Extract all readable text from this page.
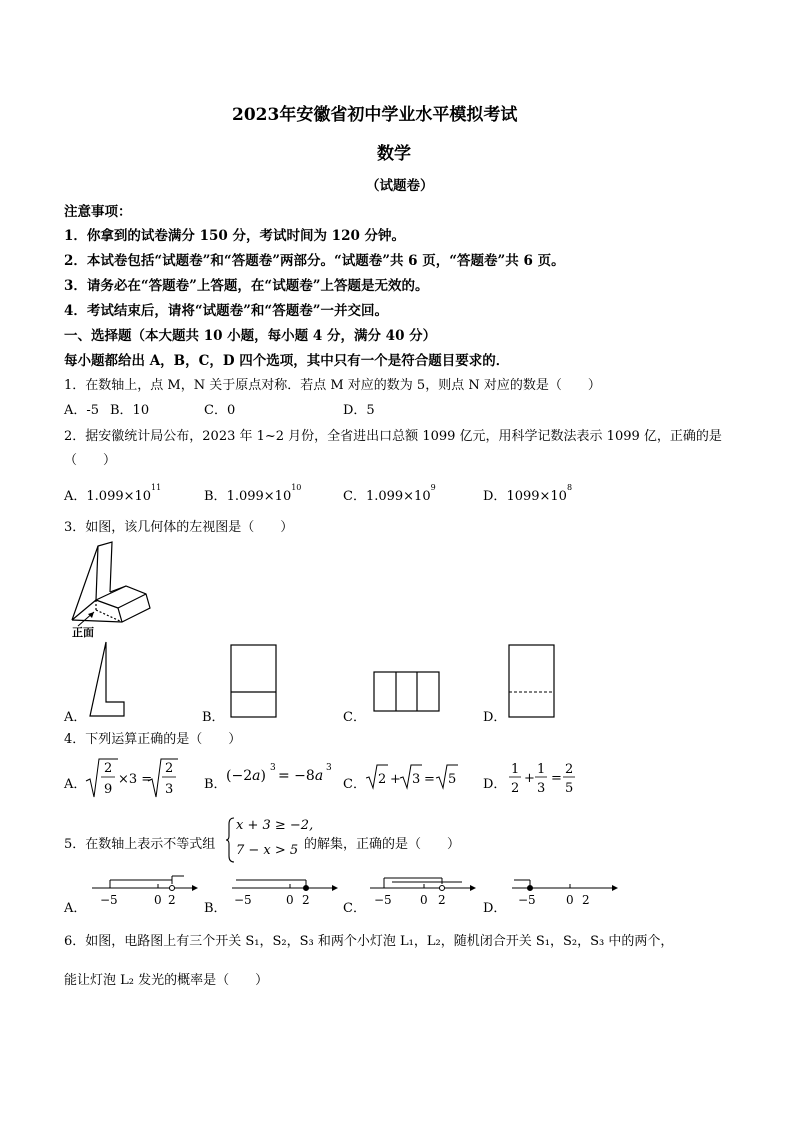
2023年安徽省初中学业水平模拟考试
数学
（试题卷）
注意事项：
1．你拿到的试卷满分 150 分，考试时间为 120 分钟。
2．本试卷包括“试题卷”和“答题卷”两部分。“试题卷”共 6 页，“答题卷”共 6 页。
3．请务必在“答题卷”上答题，在“试题卷”上答题是无效的。
4．考试结束后，请将“试题卷”和“答题卷”一并交回。
一、选择题（本大题共 10 小题，每小题 4 分，满分 40 分）
每小题都给出 A，B，C，D 四个选项，其中只有一个是符合题目要求的．
1．在数轴上，点 M，N 关于原点对称．若点 M 对应的数为 5，则点 N 对应的数是（　　）
A．-5 B．10	C．0	D．5
2．据安徽统计局公布，2023 年 1~2 月份，全省进出口总额 1099 亿元，用科学记数法表示 1099 亿，正确的是
（　　）
A．$1.099\times 10^{11}$
B．$1.099\times 10^{10}$
C．$1.099\times 10^9$
D．$1099\times 10^8$
3．如图，该几何体的左视图是（　　）
正面
A．	B．	C．	D．
4．下列运算正确的是（　　）
A．
2
9
×3 =
2
3 B．
(−2a) 3 = −8a 3
C． 2 + 3 = 5 D．
1
2
+
1
3
=
2
5
5．在数轴上表示不等式组
x + 3 ≥ −2,
7 − x > 5 的解集，正确的是（　　）
A．
−5	0 2
B．
−5	0 2
C．
−5 0 2
D．
−5	0 2
6．如图，电路图上有三个开关 S₁，S₂，S₃ 和两个小灯泡 L₁，L₂，随机闭合开关 S₁，S₂，S₃ 中的两个，
能让灯泡 L₂ 发光的概率是（　　）
